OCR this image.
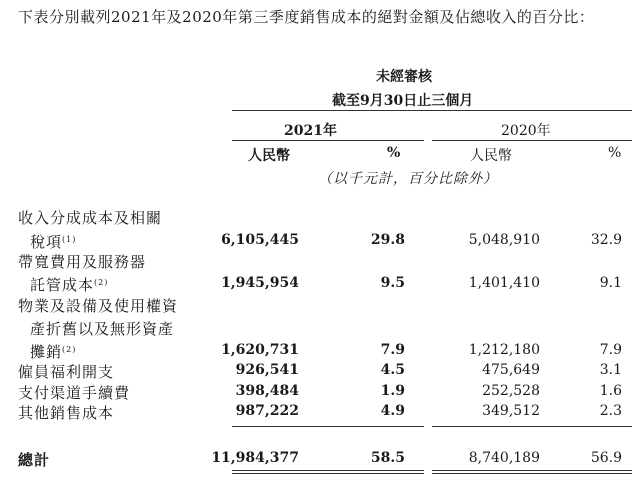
下表分別載列2021年及2020年第三季度銷售成本的絕對金額及佔總收入的百分比：
未經審核
截至9月30日止三個月
2021年	2020年
人民幣	%	人民幣	%
（以千元計，百分比除外）
收入分成成本及相關
稅項$^{(1)}$	6,105,445	29.8	5,048,910	32.9
帶寬費用及服務器
託管成本$^{(2)}$	1,945,954	9.5	1,401,410	9.1
物業及設備及使用權資
產折舊以及無形資產
攤銷$^{(2)}$	1,620,731	7.9	1,212,180	7.9
僱員福利開支	926,541	4.5	475,649	3.1
支付渠道手續費	398,484	1.9	252,528	1.6
其他銷售成本	987,222	4.9	349,512	2.3
總計	11,984,377	58.5	8,740,189	56.9
